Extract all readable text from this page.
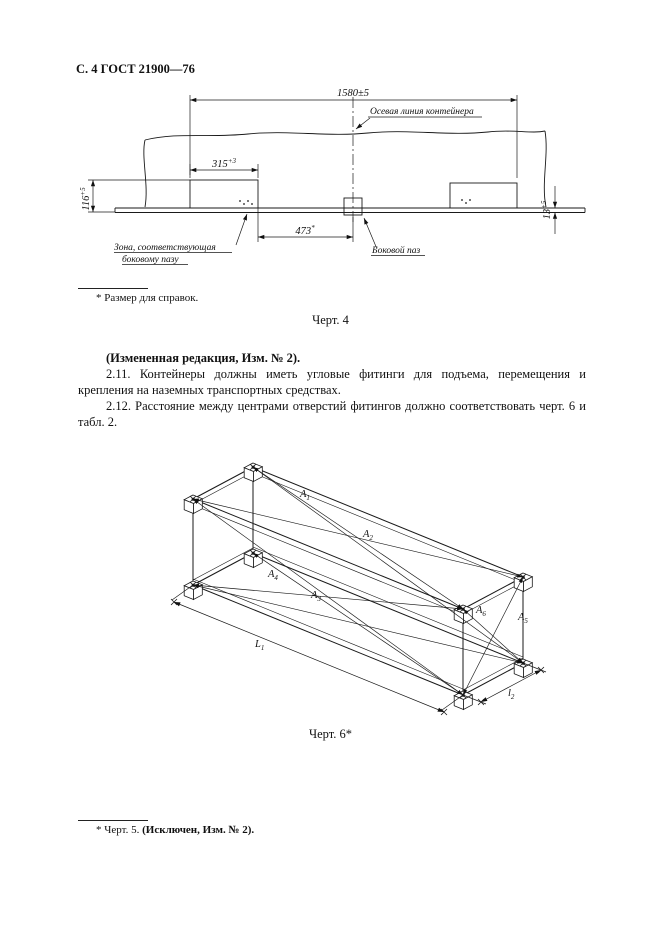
С. 4 ГОСТ 21900—76
1580±5
$315^{+3}$
473*
$116^{+5}$
$13^{+5}$
Осевая линия контейнера
Боковой паз
Зона, соответствующая
боковому пазу
* Размер для справок.
Черт. 4

(Измененная редакция, Изм. № 2).

2.11. Контейнеры должны иметь угловые фитинги для подъема, перемещения и крепления на наземных транспортных средствах.

2.12. Расстояние между центрами отверстий фитингов должно соответствовать черт. 6 и табл. 2.

$А_1$
$А_2$
$А_3$
$А_4$
$А_5$
$А_6$
$L_1$
$l_2$
Черт. 6*
* Черт. 5. (Исключен, Изм. № 2).
